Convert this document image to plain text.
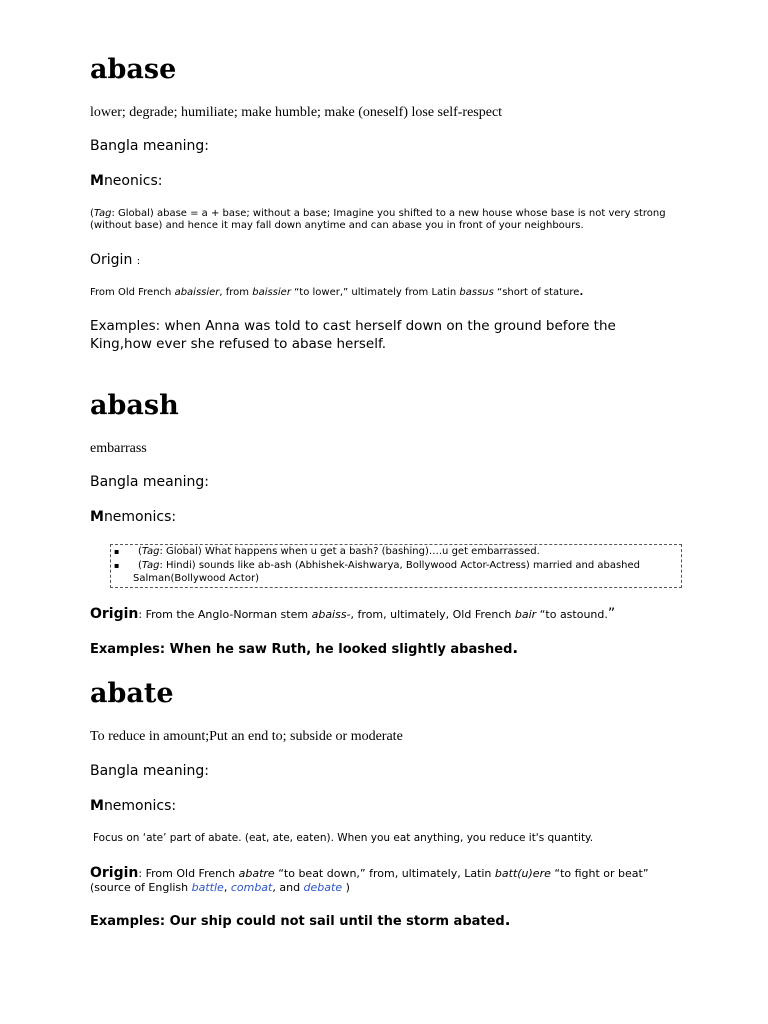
abase
lower; degrade; humiliate; make humble; make (oneself) lose self-respect
Bangla meaning:
Mneonics:
(Tag: Global) abase = a + base; without a base; Imagine you shifted to a new house whose base is not very strong
(without base) and hence it may fall down anytime and can abase you in front of your neighbours.
Origin :
From Old French abaissier, from baissier “to lower,” ultimately from Latin bassus “short of stature.
Examples: when Anna was told to cast herself down on the ground before the
King,how ever she refused to abase herself.
abash
embarrass
Bangla meaning:
Mnemonics:
▪ (Tag: Global) What happens when u get a bash? (bashing)….u get embarrassed.
▪ (Tag: Hindi) sounds like ab-ash (Abhishek-Aishwarya, Bollywood Actor-Actress) married and abashed
Salman(Bollywood Actor)
Origin: From the Anglo-Norman stem abaiss-, from, ultimately, Old French bair “to astound.”
Examples: When he saw Ruth, he looked slightly abashed.
abate
To reduce in amount;Put an end to; subside or moderate
Bangla meaning:
Mnemonics:
Focus on ‘ate’ part of abate. (eat, ate, eaten). When you eat anything, you reduce it's quantity.
Origin: From Old French abatre “to beat down,” from, ultimately, Latin batt(u)ere “to fight or beat”
(source of English battle, combat, and debate )
Examples: Our ship could not sail until the storm abated.
